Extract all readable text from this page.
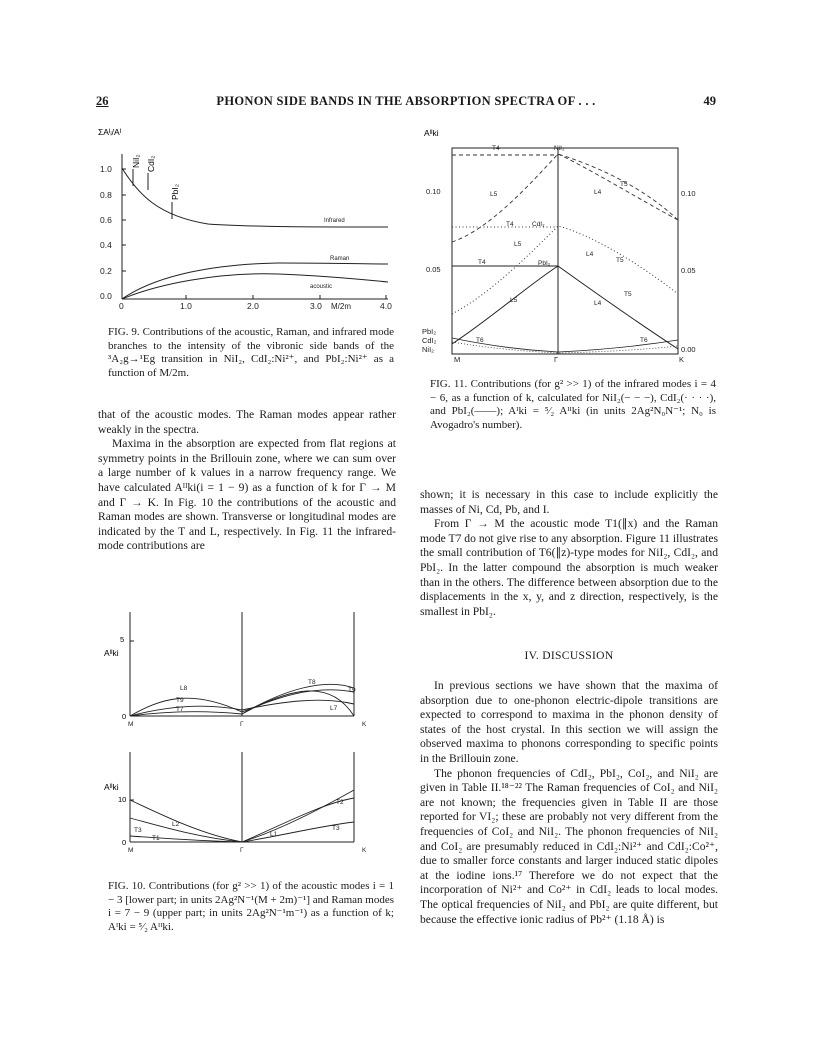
26	PHONON SIDE BANDS IN THE ABSORPTION SPECTRA OF . . .	49
ΣAᴵᵢ/Aᴵ
1.0
0.8
0.6
0.4
0.2
0.0
0	1.0	2.0	3.0	4.0
M/2m
NiI₂ CdI₂
PbI₂
Infrared
Raman
acoustic
FIG. 9. Contributions of the acoustic, Raman, and infrared mode branches to the intensity of the vibronic side bands of the ³A₂g→¹Eg transition in NiI₂, CdI₂:Ni²⁺, and PbI₂:Ni²⁺ as a function of M/2m.
Aᴵᴵki
0.10
0.05
0.10
0.05
0.00
PbI₂
CdI₂
NiI₂
M	Γ	K
T4	NiI₂
T5
L4
L5
T4	CdI₂
L5
T4	PbI₂	T5
L4
T5
L4
L5
T6	T6
FIG. 11. Contributions (for g² >> 1) of the infrared modes i = 4 − 6, as a function of k, calculated for NiI₂(− − −), CdI₂(· · · ·), and PbI₂(——); Aᴵki = ⁵⁄₂ Aᴵᴵki (in units 2Ag²N₀N⁻¹; N₀ is Avogadro's number).

that of the acoustic modes. The Raman modes appear rather weakly in the spectra.

Maxima in the absorption are expected from flat regions at symmetry points in the Brillouin zone, where we can sum over a large number of k values in a narrow frequency range. We have calculated Aᴵᴵki(i = 1 − 9) as a function of k for Γ → M and Γ → K. In Fig. 10 the contributions of the acoustic and Raman modes are shown. Transverse or longitudinal modes are indicated by the T and L, respectively. In Fig. 11 the infrared-mode contributions are

shown; it is necessary in this case to include explicitly the masses of Ni, Cd, Pb, and I.

From Γ → M the acoustic mode T1(∥x) and the Raman mode T7 do not give rise to any absorption. Figure 11 illustrates the small contribution of T6(∥z)-type modes for NiI₂, CdI₂, and PbI₂. In the latter compound the absorption is much weaker than in the others. The difference between absorption due to the displacements in the x, y, and z direction, respectively, is the smallest in PbI₂.

IV. DISCUSSION

In previous sections we have shown that the maxima of absorption due to one-phonon electric-dipole transitions are expected to correspond to maxima in the phonon density of states of the host crystal. In this section we will assign the observed maxima to phonons corresponding to specific points in the Brillouin zone.

The phonon frequencies of CdI₂, PbI₂, CoI₂, and NiI₂ are given in Table II.¹⁸⁻²² The Raman frequencies of CoI₂ and NiI₂ are not known; the frequencies given in Table II are those reported for VI₂; these are probably not very different from the frequencies of CoI₂ and NiI₂. The phonon frequencies of NiI₂ and CoI₂ are presumably reduced in CdI₂:Ni²⁺ and CdI₂:Co²⁺, due to smaller force constants and larger induced static dipoles at the iodine ions.¹⁷ Therefore we do not expect that the incorporation of Ni²⁺ and Co²⁺ in CdI₂ leads to local modes. The optical frequencies of NiI₂ and PbI₂ are quite different, but because the effective ionic radius of Pb²⁺ (1.18 Å) is

5
0
Aᴵᴵki
L8
T9
T7
T8
T9
L7
M	Γ	K
10
0
Aᴵᴵki
L2
T3
T1
T2
T3
L1
M	Γ	K
FIG. 10. Contributions (for g² >> 1) of the acoustic modes i = 1 − 3 [lower part; in units 2Ag²N⁻¹(M + 2m)⁻¹] and Raman modes i = 7 − 9 (upper part; in units 2Ag²N⁻¹m⁻¹) as a function of k; Aᴵki = ⁵⁄₂ Aᴵᴵki.
